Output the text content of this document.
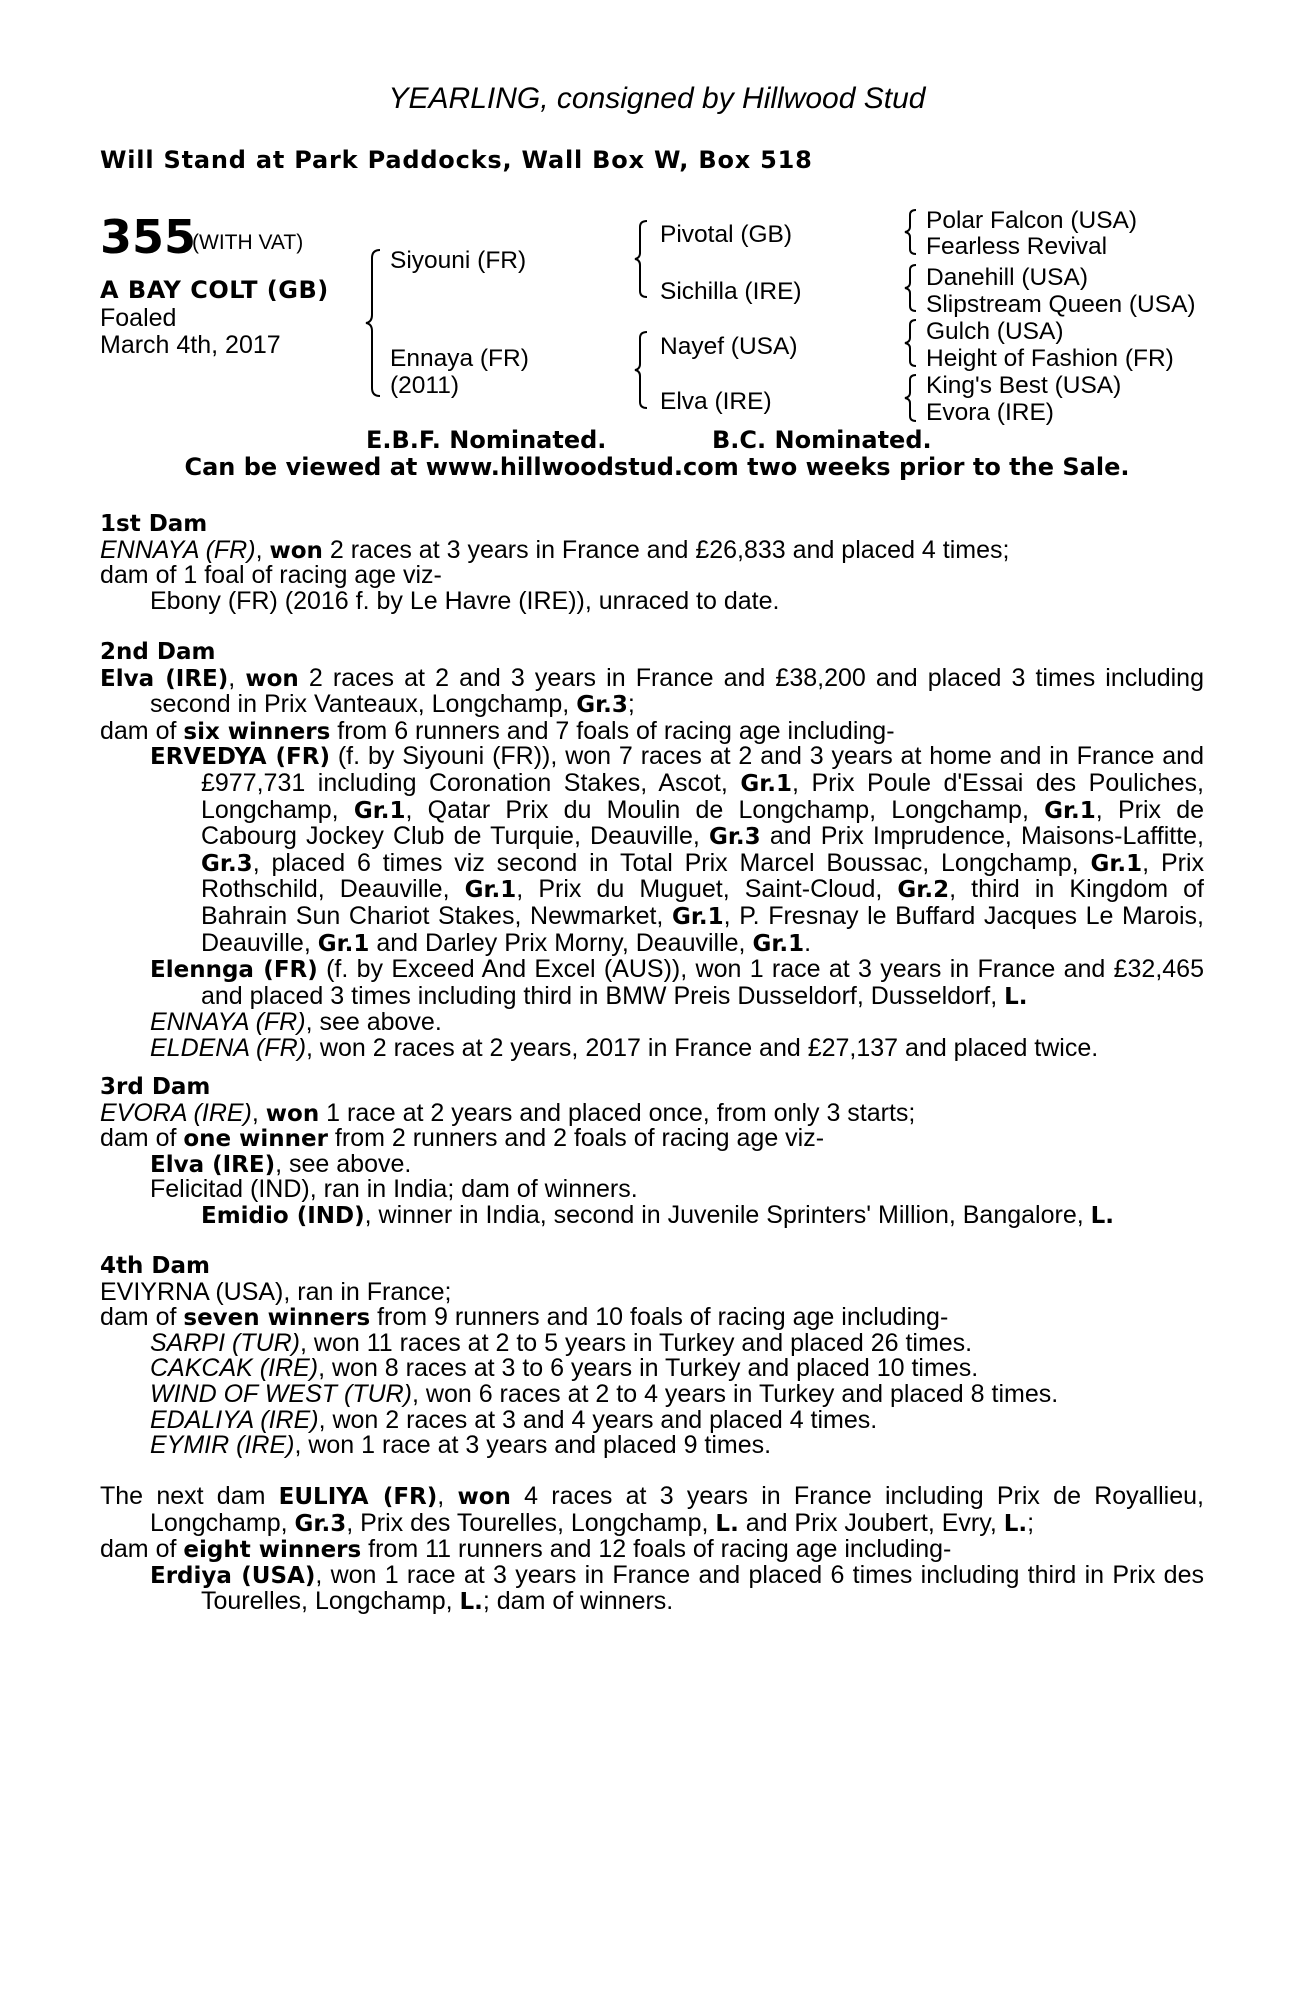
YEARLING, consigned by Hillwood Stud
Will Stand at Park Paddocks, Wall Box W, Box 518
355
(WITH VAT)
A BAY COLT (GB)
Foaled
March 4th, 2017
Siyouni (FR)
Ennaya (FR)
(2011)
Pivotal (GB)
Sichilla (IRE)
Nayef (USA)
Elva (IRE)
Polar Falcon (USA)
Fearless Revival
Danehill (USA)
Slipstream Queen (USA)
Gulch (USA)
Height of Fashion (FR)
King's Best (USA)
Evora (IRE)
E.B.F. Nominated.	B.C. Nominated.
Can be viewed at www.hillwoodstud.com two weeks prior to the Sale.
1st Dam
ENNAYA (FR), won 2 races at 3 years in France and £26,833 and placed 4 times;
dam of 1 foal of racing age viz-
Ebony (FR) (2016 f. by Le Havre (IRE)), unraced to date.
2nd Dam
Elva (IRE), won 2 races at 2 and 3 years in France and £38,200 and placed 3 times including second in Prix Vanteaux, Longchamp, Gr.3;
dam of six winners from 6 runners and 7 foals of racing age including-
ERVEDYA (FR) (f. by Siyouni (FR)), won 7 races at 2 and 3 years at home and in France and £977,731 including Coronation Stakes, Ascot, Gr.1, Prix Poule d'Essai des Pouliches, Longchamp, Gr.1, Qatar Prix du Moulin de Longchamp, Longchamp, Gr.1, Prix de Cabourg Jockey Club de Turquie, Deauville, Gr.3 and Prix Imprudence, Maisons-Laffitte, Gr.3, placed 6 times viz second in Total Prix Marcel Boussac, Longchamp, Gr.1, Prix Rothschild, Deauville, Gr.1, Prix du Muguet, Saint-Cloud, Gr.2, third in Kingdom of Bahrain Sun Chariot Stakes, Newmarket, Gr.1, P. Fresnay le Buffard Jacques Le Marois, Deauville, Gr.1 and Darley Prix Morny, Deauville, Gr.1.
Elennga (FR) (f. by Exceed And Excel (AUS)), won 1 race at 3 years in France and £32,465 and placed 3 times including third in BMW Preis Dusseldorf, Dusseldorf, L.
ENNAYA (FR), see above.
ELDENA (FR), won 2 races at 2 years, 2017 in France and £27,137 and placed twice.
3rd Dam
EVORA (IRE), won 1 race at 2 years and placed once, from only 3 starts;
dam of one winner from 2 runners and 2 foals of racing age viz-
Elva (IRE), see above.
Felicitad (IND), ran in India; dam of winners.
Emidio (IND), winner in India, second in Juvenile Sprinters' Million, Bangalore, L.
4th Dam
EVIYRNA (USA), ran in France;
dam of seven winners from 9 runners and 10 foals of racing age including-
SARPI (TUR), won 11 races at 2 to 5 years in Turkey and placed 26 times.
CAKCAK (IRE), won 8 races at 3 to 6 years in Turkey and placed 10 times.
WIND OF WEST (TUR), won 6 races at 2 to 4 years in Turkey and placed 8 times.
EDALIYA (IRE), won 2 races at 3 and 4 years and placed 4 times.
EYMIR (IRE), won 1 race at 3 years and placed 9 times.
The next dam EULIYA (FR), won 4 races at 3 years in France including Prix de Royallieu, Longchamp, Gr.3, Prix des Tourelles, Longchamp, L. and Prix Joubert, Evry, L.;
dam of eight winners from 11 runners and 12 foals of racing age including-
Erdiya (USA), won 1 race at 3 years in France and placed 6 times including third in Prix des Tourelles, Longchamp, L.; dam of winners.
